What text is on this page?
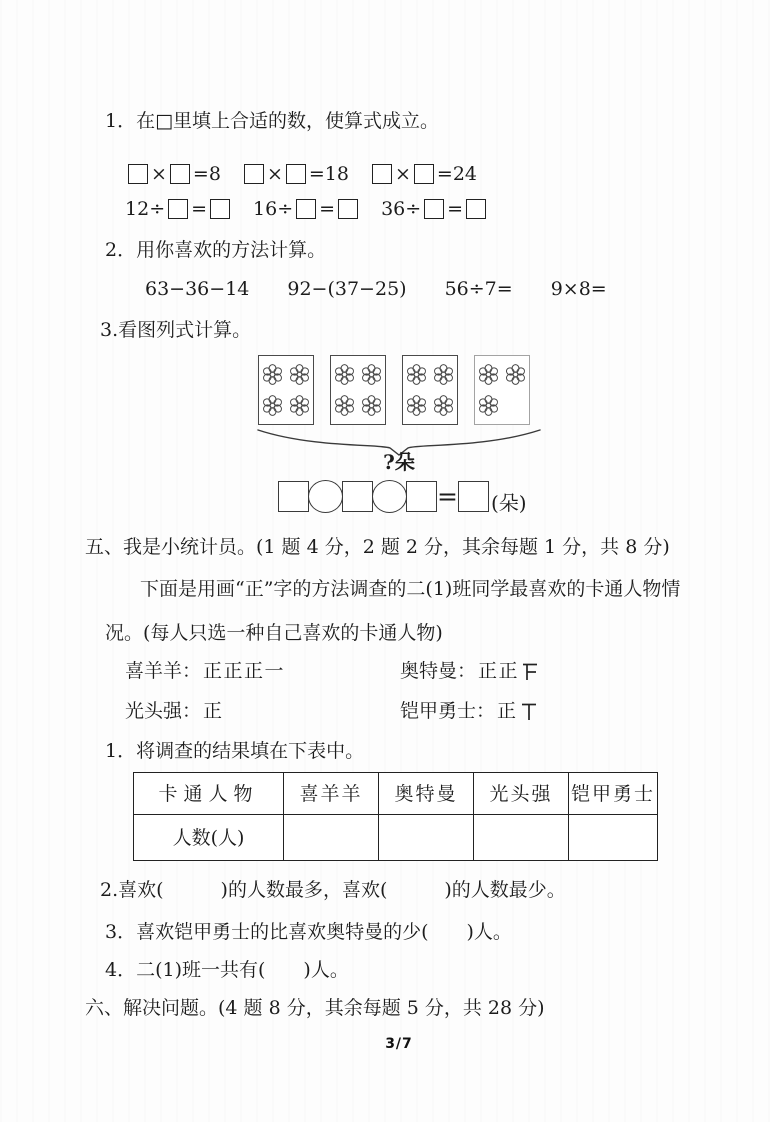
1．在□里填上合适的数，使算式成立。
× =8	× =18	× =24
12÷ =	16÷ =	36÷ =
2．用你喜欢的方法计算。
63−36−14 92−(37−25) 56÷7= 9×8=
3.看图列式计算。
?朵
=	(朵)
五、我是小统计员。(1 题 4 分，2 题 2 分，其余每题 1 分，共 8 分)
下面是用画“正”字的方法调查的二(1)班同学最喜欢的卡通人物情
况。(每人只选一种自己喜欢的卡通人物)
喜羊羊： 正正正一	奥特曼： 正正
光头强： 正	铠甲勇士： 正
1．将调查的结果填在下表中。
卡通人物	喜羊羊	奥特曼	光头强	铠甲勇士
人数(人)				
2.喜欢(　　　)的人数最多，喜欢(　　　)的人数最少。
3．喜欢铠甲勇士的比喜欢奥特曼的少(　　)人。
4．二(1)班一共有(　　)人。
六、解决问题。(4 题 8 分，其余每题 5 分，共 28 分)
3/7
